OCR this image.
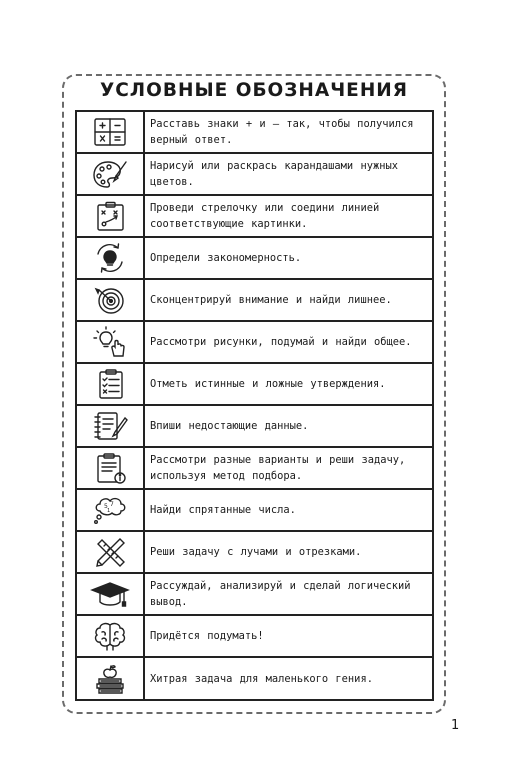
УСЛОВНЫЕ ОБОЗНАЧЕНИЯ
Расставь знаки + и – так, чтобы получился верный ответ.
Нарисуй или раскрась карандашами нужных цветов.
Проведи стрелочку или соедини линией соответствующие картинки.
Определи закономерность.
Сконцентрируй внимание и найди лишнее.
Рассмотри рисунки, подумай и найди общее.
Отметь истинные и ложные утверждения.
Впиши недостающие данные.
Рассмотри разные варианты и реши задачу, используя метод подбора.
5 7
1	Найди спрятанные числа.
Реши задачу с лучами и отрезками.
Рассуждай, анализируй и сделай логический вывод.
Придётся подумать!
Хитрая задача для маленького гения.
1
